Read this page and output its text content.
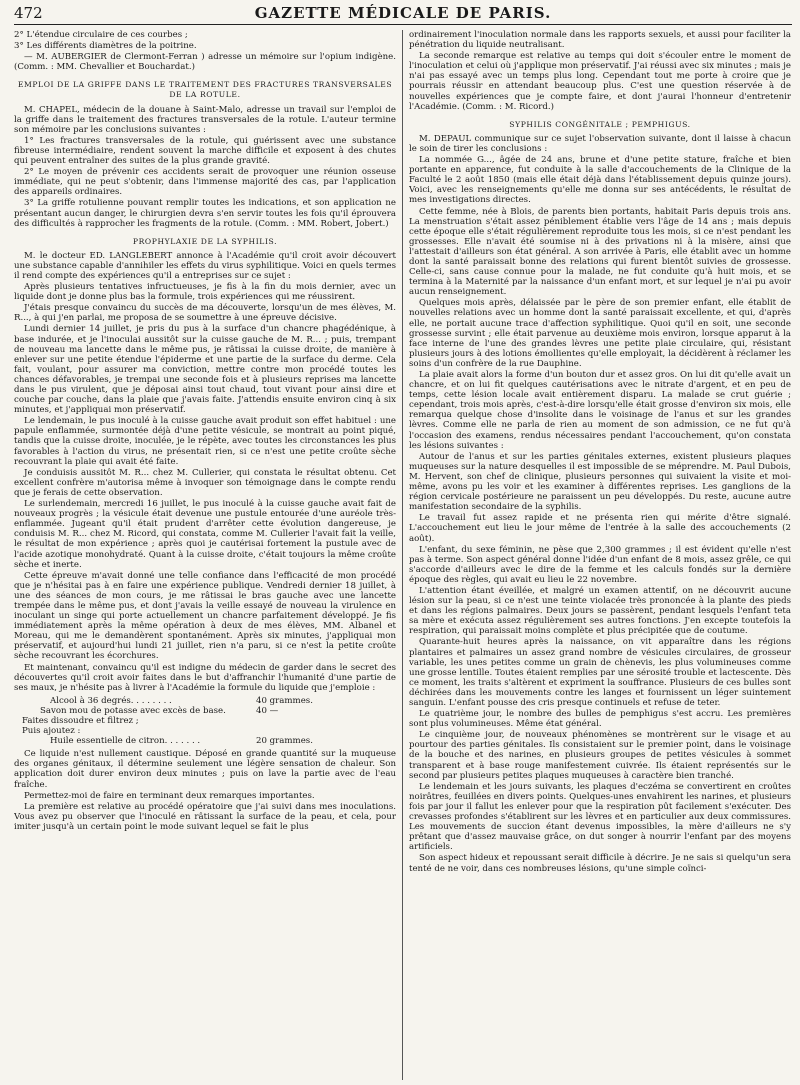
472	GAZETTE MÉDICALE DE PARIS.

2° L'étendue circulaire de ces courbes ;

3° Les différents diamètres de la poitrine.

— M. AUBERGIER de Clermont-Ferran ) adresse un mémoire sur l'opium indigène. (Comm. : MM. Chevallier et Bouchardat.)

EMPLOI DE LA GRIFFE DANS LE TRAITEMENT DES FRACTURES TRANSVERSALES DE LA ROTULE.

M. CHAPEL, médecin de la douane à Saint-Malo, adresse un travail sur l'emploi de la griffe dans le traitement des fractures transversales de la rotule. L'auteur termine son mémoire par les conclusions suivantes :

1° Les fractures transversales de la rotule, qui guérissent avec une substance fibreuse intermédiaire, rendent souvent la marche difficile et exposent à des chutes qui peuvent entraîner des suites de la plus grande gravité.

2° Le moyen de prévenir ces accidents serait de provoquer une réunion osseuse immédiate, qui ne peut s'obtenir, dans l'immense majorité des cas, par l'application des appareils ordinaires.

3° La griffe rotulienne pouvant remplir toutes les indications, et son application ne présentant aucun danger, le chirurgien devra s'en servir toutes les fois qu'il éprouvera des difficultés à rapprocher les fragments de la rotule. (Comm. : MM. Robert, Jobert.)

PROPHYLAXIE DE LA SYPHILIS.

M. le docteur ED. LANGLEBERT annonce à l'Académie qu'il croit avoir découvert une substance capable d'annihiler les effets du virus syphilitique. Voici en quels termes il rend compte des expériences qu'il a entreprises sur ce sujet :

Après plusieurs tentatives infructueuses, je fis à la fin du mois dernier, avec un liquide dont je donne plus bas la formule, trois expériences qui me réussirent.

J'étais presque convaincu du succès de ma découverte, lorsqu'un de mes élèves, M. R..., à qui j'en parlai, me proposa de se soumettre à une épreuve décisive.

Lundi dernier 14 juillet, je pris du pus à la surface d'un chancre phagédénique, à base indurée, et je l'inoculai aussitôt sur la cuisse gauche de M. R... ; puis, trempant de nouveau ma lancette dans le même pus, je râtissai la cuisse droite, de manière à enlever sur une petite étendue l'épiderme et une partie de la surface du derme. Cela fait, voulant, pour assurer ma conviction, mettre contre mon procédé toutes les chances défavorables, je trempai une seconde fois et à plusieurs reprises ma lancette dans le pus virulent, que je déposai ainsi tout chaud, tout vivant pour ainsi dire et couche par couche, dans la plaie que j'avais faite. J'attendis ensuite environ cinq à six minutes, et j'appliquai mon préservatif.

Le lendemain, le pus inoculé à la cuisse gauche avait produit son effet habituel : une papule enflammée, surmontée déjà d'une petite vésicule, se montrait au point piqué, tandis que la cuisse droite, inoculée, je le répète, avec toutes les circonstances les plus favorables à l'action du virus, ne présentait rien, si ce n'est une petite croûte sèche recouvrant la plaie qui avait été faite.

Je conduisis aussitôt M. R... chez M. Cullerier, qui constata le résultat obtenu. Cet excellent confrère m'autorisa même à invoquer son témoignage dans le compte rendu que je ferais de cette observation.

Le surlendemain, mercredi 16 juillet, le pus inoculé à la cuisse gauche avait fait de nouveaux progrès ; la vésicule était devenue une pustule entourée d'une auréole très-enflammée. Jugeant qu'il était prudent d'arrêter cette évolution dangereuse, je conduisis M. R... chez M. Ricord, qui constata, comme M. Cullerier l'avait fait la veille, le résultat de mon expérience ; après quoi je cautérisai fortement la pustule avec de l'acide azotique monohydraté. Quant à la cuisse droite, c'était toujours la même croûte sèche et inerte.

Cette épreuve m'avait donné une telle confiance dans l'efficacité de mon procédé que je n'hésitai pas à en faire une expérience publique. Vendredi dernier 18 juillet, à une des séances de mon cours, je me râtissai le bras gauche avec une lancette trempée dans le même pus, et dont j'avais la veille essayé de nouveau la virulence en inoculant un singe qui porte actuellement un chancre parfaitement développé. Je fis immédiatement après la même opération à deux de mes élèves, MM. Albanel et Moreau, qui me le demandèrent spontanément. Après six minutes, j'appliquai mon préservatif, et aujourd'hui lundi 21 juillet, rien n'a paru, si ce n'est la petite croûte sèche recouvrant les écorchures.

Et maintenant, convaincu qu'il est indigne du médecin de garder dans le secret des découvertes qu'il croit avoir faites dans le but d'affranchir l'humanité d'une partie de ses maux, je n'hésite pas à livrer à l'Académie la formule du liquide que j'emploie :

Alcool à 36 degrés. . . . . . . .	40 grammes.
Savon mou de potasse avec excès de base.	40 —
Faites dissoudre et filtrez ;
Puis ajoutez :
Huile essentielle de citron. . . . . . .	20 grammes.

Ce liquide n'est nullement caustique. Déposé en grande quantité sur la muqueuse des organes génitaux, il détermine seulement une légère sensation de chaleur. Son application doit durer environ deux minutes ; puis on lave la partie avec de l'eau fraîche.

Permettez-moi de faire en terminant deux remarques importantes.

La première est relative au procédé opératoire que j'ai suivi dans mes inoculations. Vous avez pu observer que l'inoculé en râtissant la surface de la peau, et cela, pour imiter jusqu'à un certain point le mode suivant lequel se fait le plus

ordinairement l'inoculation normale dans les rapports sexuels, et aussi pour faciliter la pénétration du liquide neutralisant.

La seconde remarque est relative au temps qui doit s'écouler entre le moment de l'inoculation et celui où j'applique mon préservatif. J'ai réussi avec six minutes ; mais je n'ai pas essayé avec un temps plus long. Cependant tout me porte à croire que je pourrais réussir en attendant beaucoup plus. C'est une question réservée à de nouvelles expériences que je compte faire, et dont j'aurai l'honneur d'entretenir l'Académie. (Comm. : M. Ricord.)

SYPHILIS CONGÉNITALE ; PEMPHIGUS.

M. DEPAUL communique sur ce sujet l'observation suivante, dont il laisse à chacun le soin de tirer les conclusions :

La nommée G..., âgée de 24 ans, brune et d'une petite stature, fraîche et bien portante en apparence, fut conduite à la salle d'accouchements de la Clinique de la Faculté le 2 août 1850 (mais elle était déjà dans l'établissement depuis quinze jours). Voici, avec les renseignements qu'elle me donna sur ses antécédents, le résultat de mes investigations directes.

Cette femme, née à Blois, de parents bien portants, habitait Paris depuis trois ans. La menstruation s'était assez péniblement établie vers l'âge de 14 ans ; mais depuis cette époque elle s'était régulièrement reproduite tous les mois, si ce n'est pendant les grossesses. Elle n'avait été soumise ni à des privations ni à la misère, ainsi que l'attestait d'ailleurs son état général. A son arrivée à Paris, elle établit avec un homme dont la santé paraissait bonne des relations qui furent bientôt suivies de grossesse. Celle-ci, sans cause connue pour la malade, ne fut conduite qu'à huit mois, et se termina à la Maternité par la naissance d'un enfant mort, et sur lequel je n'ai pu avoir aucun renseignement.

Quelques mois après, délaissée par le père de son premier enfant, elle établit de nouvelles relations avec un homme dont la santé paraissait excellente, et qui, d'après elle, ne portait aucune trace d'affection syphilitique. Quoi qu'il en soit, une seconde grossesse survint ; elle était parvenue au deuxième mois environ, lorsque apparut à la face interne de l'une des grandes lèvres une petite plaie circulaire, qui, résistant plusieurs jours à des lotions émollientes qu'elle employait, la décidèrent à réclamer les soins d'un confrère de la rue Dauphine.

La plaie avait alors la forme d'un bouton dur et assez gros. On lui dit qu'elle avait un chancre, et on lui fit quelques cautérisations avec le nitrate d'argent, et en peu de temps, cette lésion locale avait entièrement disparu. La malade se crut guérie ; cependant, trois mois après, c'est-à-dire lorsqu'elle était grosse d'environ six mois, elle remarqua quelque chose d'insolite dans le voisinage de l'anus et sur les grandes lèvres. Comme elle ne parla de rien au moment de son admission, ce ne fut qu'à l'occasion des examens, rendus nécessaires pendant l'accouchement, qu'on constata les lésions suivantes :

Autour de l'anus et sur les parties génitales externes, existent plusieurs plaques muqueuses sur la nature desquelles il est impossible de se méprendre. M. Paul Dubois, M. Hervent, son chef de clinique, plusieurs personnes qui suivaient la visite et moi-même, avons pu les voir et les examiner à différentes reprises. Les ganglions de la région cervicale postérieure ne paraissent un peu développés. Du reste, aucune autre manifestation secondaire de la syphilis.

Le travail fut assez rapide et ne présenta rien qui mérite d'être signalé. L'accouchement eut lieu le jour même de l'entrée à la salle des accouchements (2 août).

L'enfant, du sexe féminin, ne pèse que 2,300 grammes ; il est évident qu'elle n'est pas à terme. Son aspect général donne l'idée d'un enfant de 8 mois, assez grêle, ce qui s'accorde d'ailleurs avec le dire de la femme et les calculs fondés sur la dernière époque des règles, qui avait eu lieu le 22 novembre.

L'attention étant éveillée, et malgré un examen attentif, on ne découvrit aucune lésion sur la peau, si ce n'est une teinte violacée très prononcée à la plante des pieds et dans les régions palmaires. Deux jours se passèrent, pendant lesquels l'enfant teta sa mère et exécuta assez régulièrement ses autres fonctions. J'en excepte toutefois la respiration, qui paraissait moins complète et plus précipitée que de coutume.

Quarante-huit heures après la naissance, on vit apparaître dans les régions plantaires et palmaires un assez grand nombre de vésicules circulaires, de grosseur variable, les unes petites comme un grain de chènevis, les plus volumineuses comme une grosse lentille. Toutes étaient remplies par une sérosité trouble et lactescente. Dès ce moment, les traits s'altèrent et expriment la souffrance. Plusieurs de ces bulles sont déchirées dans les mouvements contre les langes et fournissent un léger suintement sanguin. L'enfant pousse des cris presque continuels et refuse de teter.

Le quatrième jour, le nombre des bulles de pemphigus s'est accru. Les premières sont plus volumineuses. Même état général.

Le cinquième jour, de nouveaux phénomènes se montrèrent sur le visage et au pourtour des parties génitales. Ils consistaient sur le premier point, dans le voisinage de la bouche et des narines, en plusieurs groupes de petites vésicules à sommet transparent et à base rouge manifestement cuivrée. Ils étaient représentés sur le second par plusieurs petites plaques muqueuses à caractère bien tranché.

Le lendemain et les jours suivants, les plaques d'eczéma se convertirent en croûtes noirâtres, feuillées en divers points. Quelques-unes envahirent les narines, et plusieurs fois par jour il fallut les enlever pour que la respiration pût facilement s'exécuter. Des crevasses profondes s'établirent sur les lèvres et en particulier aux deux commissures. Les mouvements de succion étant devenus impossibles, la mère d'ailleurs ne s'y prêtant que d'assez mauvaise grâce, on dut songer à nourrir l'enfant par des moyens artificiels.

Son aspect hideux et repoussant serait difficile à décrire. Je ne sais si quelqu'un sera tenté de ne voir, dans ces nombreuses lésions, qu'une simple coïnci-
